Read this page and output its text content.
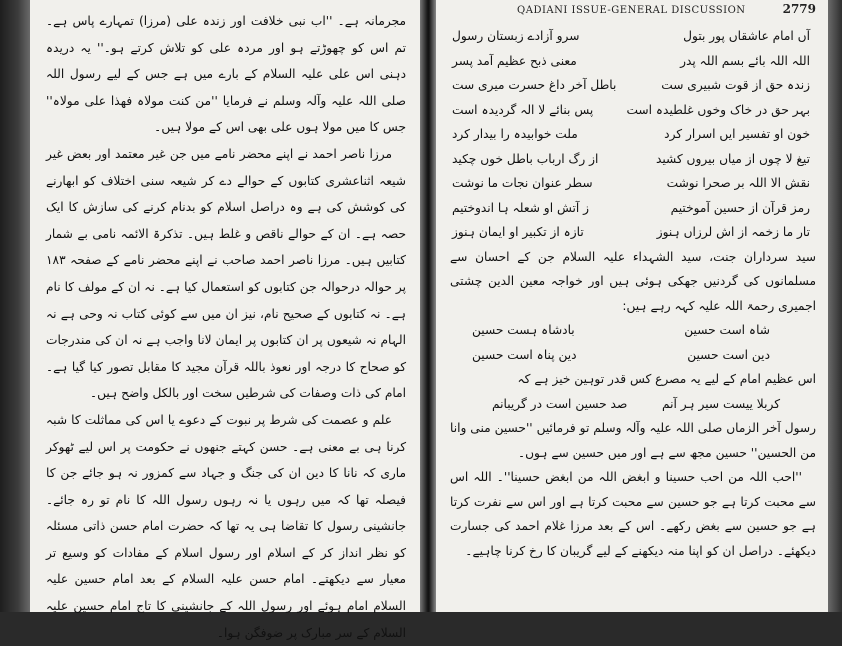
مجرمانہ ہے۔ ''اب نبی خلافت اور زندہ علی (مرزا) تمہارے پاس ہے۔ تم اس کو چھوڑتے ہو اور مردہ علی کو تلاش کرتے ہو۔'' یہ دریدہ دہنی اس علی علیہ السلام کے بارے میں ہے جس کے لیے رسول اللہ صلی اللہ علیہ وآلہ وسلم نے فرمایا ''من کنت مولاہ فھذا علی مولاہ'' جس کا میں مولا ہوں علی بھی اس کے مولا ہیں۔

مرزا ناصر احمد نے اپنے محضر نامے میں جن غیر معتمد اور بعض غیر شیعہ اثناعشری کتابوں کے حوالے دے کر شیعہ سنی اختلاف کو ابھارنے کی کوشش کی ہے وہ دراصل اسلام کو بدنام کرنے کی سازش کا ایک حصہ ہے۔ ان کے حوالے ناقص و غلط ہیں۔ تذکرۃ الائمہ نامی بے شمار کتابیں ہیں۔ مرزا ناصر احمد صاحب نے اپنے محضر نامے کے صفحہ ۱۸۳ پر حوالہ درحوالہ جن کتابوں کو استعمال کیا ہے۔ نہ ان کے مولف کا نام ہے۔ نہ کتابوں کے صحیح نام، نیز ان میں سے کوئی کتاب نہ وحی ہے نہ الہام نہ شیعوں پر ان کتابوں پر ایمان لانا واجب ہے نہ ان کی مندرجات کو صحاح کا درجہ اور نعوذ باللہ قرآن مجید کا مقابل تصور کیا گیا ہے۔ امام کی ذات وصفات کی شرطیں سخت اور بالکل واضح ہیں۔

علم و عصمت کی شرط پر نبوت کے دعوے یا اس کی مماثلت کا شبہ کرنا ہی بے معنی ہے۔ حسن کہتے جنھوں نے حکومت پر اس لیے ٹھوکر ماری کہ نانا کا دین ان کی جنگ و جہاد سے کمزور نہ ہو جائے جن کا فیصلہ تھا کہ میں رہوں یا نہ رہوں رسول اللہ کا نام تو رہ جائے۔ جانشینی رسول کا تقاضا ہی یہ تھا کہ حضرت امام حسن ذاتی مسئلہ کو نظر انداز کر کے اسلام اور رسول اسلام کے مفادات کو وسیع تر معیار سے دیکھتے۔ امام حسن علیہ السلام کے بعد امام حسین علیہ السلام امام ہوئے اور رسول اللہ کے جانشینی کا تاج امام حسین علیہ السلام کے سر مبارک پر ضوفگن ہوا۔

QADIANI ISSUE-GENERAL DISCUSSION	2779
آں امام عاشقاں پور بتول
سرو آزادے زبستان رسول
اللہ اللہ بائے بسم اللہ پدر
معنی ذبح عظیم آمد پسر
زندہ حق از قوت شبیری ست
باطل آخر داغ حسرت میری ست
بہر حق در خاک وخوں غلطیدہ است
پس بنائے لا الہ گردیدہ است
خون او تفسیر ایں اسرار کرد
ملت خوابیدہ را بیدار کرد
تیغ لا چوں از میاں بیروں کشید
از رگ ارباب باطل خوں چکید
نقش الا اللہ بر صحرا نوشت
سطر عنوان نجات ما نوشت
رمز قرآن از حسین آموختیم
ز آتش او شعلہ ہا اندوختیم
تار ما زخمہ از اش لرزاں ہنوز
تازہ از تکبیر او ایمان ہنوز

سید سرداران جنت، سید الشہداء علیہ السلام جن کے احسان سے مسلمانوں کی گردنیں جھکی ہوئی ہیں اور خواجہ معین الدین چشتی اجمیری رحمۃ اللہ علیہ کہہ رہے ہیں:

شاہ است حسین
بادشاہ ہست حسین
دین است حسین
دین پناہ است حسین

اس عظیم امام کے لیے یہ مصرع کس قدر توہین خیز ہے کہ

کربلا ییست سیر ہر آنم
صد حسین است در گریبانم

رسول آخر الزماں صلی اللہ علیہ وآلہ وسلم تو فرمائیں ''حسین منی وانا من الحسین'' حسین مجھ سے ہے اور میں حسین سے ہوں۔

''احب اللہ من احب حسینا و ابغض اللہ من ابغض حسینا''۔ اللہ اس سے محبت کرتا ہے جو حسین سے محبت کرتا ہے اور اس سے نفرت کرتا ہے جو حسین سے بغض رکھے۔ اس کے بعد مرزا غلام احمد کی جسارت دیکھئے۔ دراصل ان کو اپنا منہ دیکھنے کے لیے گریبان کا رخ کرنا چاہیے۔
